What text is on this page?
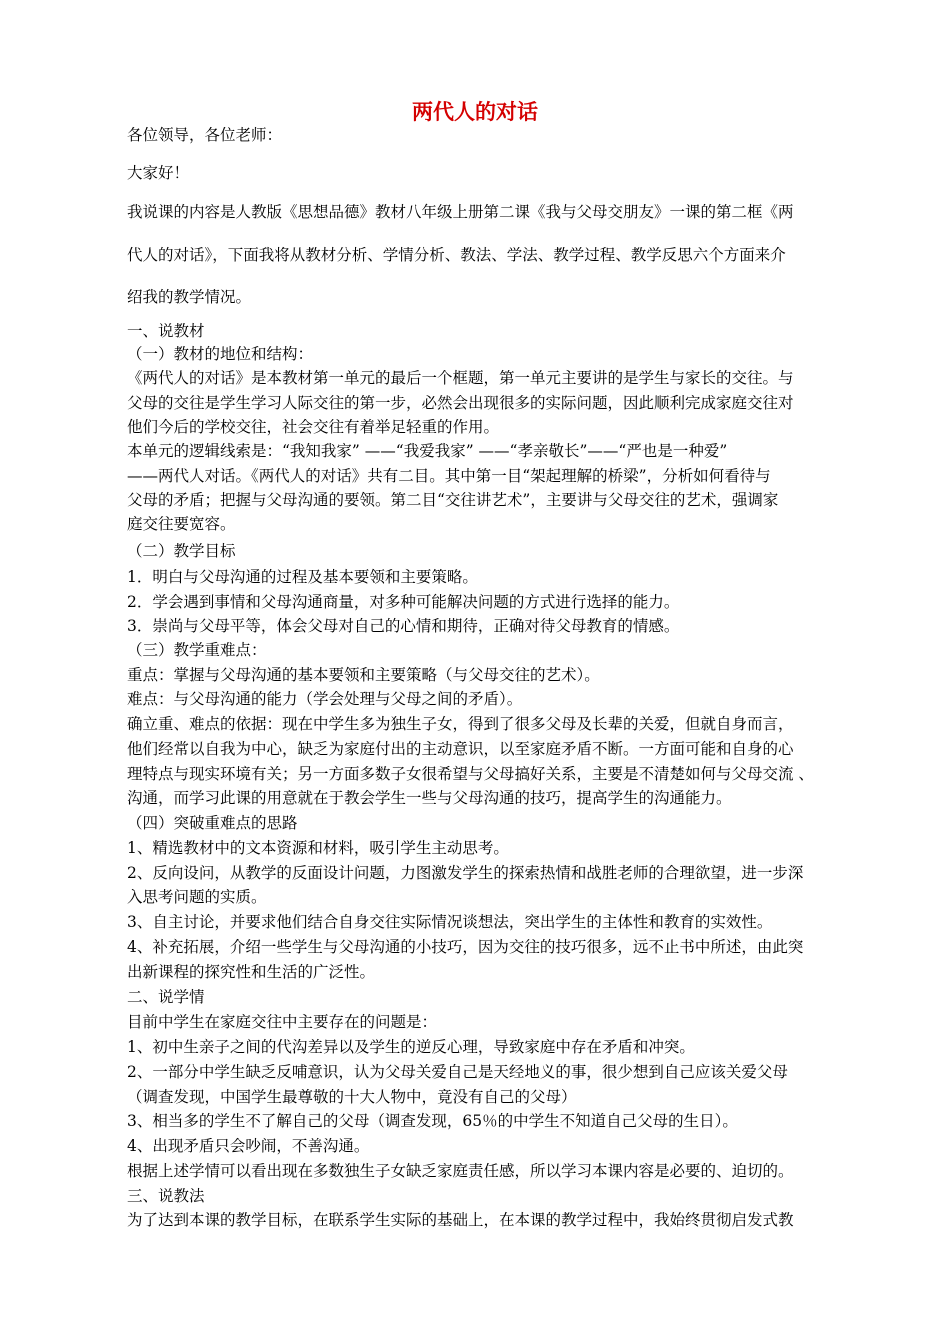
两代人的对话
各位领导，各位老师：
大家好！
我说课的内容是人教版《思想品德》教材八年级上册第二课《我与父母交朋友》一课的第二框《两
代人的对话》，下面我将从教材分析、学情分析、教法、学法、教学过程、教学反思六个方面来介
绍我的教学情况。
一、说教材
（一）教材的地位和结构：
《两代人的对话》是本教材第一单元的最后一个框题，第一单元主要讲的是学生与家长的交往。与
父母的交往是学生学习人际交往的第一步，必然会出现很多的实际问题，因此顺利完成家庭交往对
他们今后的学校交往，社会交往有着举足轻重的作用。
本单元的逻辑线索是：“我知我家” ——“我爱我家” ——“孝亲敬长”——“严也是一种爱”
——两代人对话。《两代人的对话》共有二目。其中第一目“架起理解的桥梁”，分析如何看待与
父母的矛盾；把握与父母沟通的要领。第二目“交往讲艺术”，主要讲与父母交往的艺术，强调家
庭交往要宽容。
（二）教学目标
1．明白与父母沟通的过程及基本要领和主要策略。
2．学会遇到事情和父母沟通商量，对多种可能解决问题的方式进行选择的能力。
3．崇尚与父母平等，体会父母对自己的心情和期待，正确对待父母教育的情感。
（三）教学重难点：
重点：掌握与父母沟通的基本要领和主要策略（与父母交往的艺术）。
难点：与父母沟通的能力（学会处理与父母之间的矛盾）。
确立重、难点的依据：现在中学生多为独生子女，得到了很多父母及长辈的关爱，但就自身而言，
他们经常以自我为中心，缺乏为家庭付出的主动意识，以至家庭矛盾不断。一方面可能和自身的心
理特点与现实环境有关；另一方面多数子女很希望与父母搞好关系，主要是不清楚如何与父母交流 、
沟通，而学习此课的用意就在于教会学生一些与父母沟通的技巧，提高学生的沟通能力。
（四）突破重难点的思路
1、精选教材中的文本资源和材料，吸引学生主动思考。
2、反向设问，从教学的反面设计问题，力图激发学生的探索热情和战胜老师的合理欲望，进一步深
入思考问题的实质。
3、自主讨论，并要求他们结合自身交往实际情况谈想法，突出学生的主体性和教育的实效性。
4、补充拓展，介绍一些学生与父母沟通的小技巧，因为交往的技巧很多，远不止书中所述，由此突
出新课程的探究性和生活的广泛性。
二、说学情
目前中学生在家庭交往中主要存在的问题是：
1、初中生亲子之间的代沟差异以及学生的逆反心理，导致家庭中存在矛盾和冲突。
2、一部分中学生缺乏反哺意识，认为父母关爱自己是天经地义的事，很少想到自己应该关爱父母
（调查发现，中国学生最尊敬的十大人物中，竟没有自己的父母）
3、相当多的学生不了解自己的父母（调查发现，65％的中学生不知道自己父母的生日）。
4、出现矛盾只会吵闹，不善沟通。
根据上述学情可以看出现在多数独生子女缺乏家庭责任感，所以学习本课内容是必要的、迫切的。
三、说教法
为了达到本课的教学目标，在联系学生实际的基础上，在本课的教学过程中，我始终贯彻启发式教
